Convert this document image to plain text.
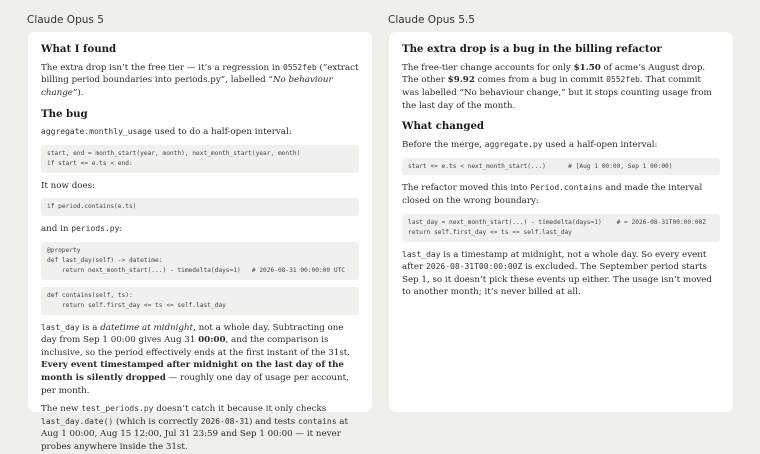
Claude Opus 5	Claude Opus 5.5
What I found

The extra drop isn’t the free tier — it’s a regression in 0552feb (“extract billing period boundaries into periods.py”, labelled “No behaviour change”).

The bug

aggregate.monthly_usage used to do a half-open interval:

start, end = month_start(year, month), next_month_start(year, month)
if start <= e.ts < end:

It now does:

if period.contains(e.ts)

and in periods.py:

@property
def last_day(self) -> datetime:
return next_month_start(...) - timedelta(days=1)   # 2026-08-31 00:00:00 UTC
def contains(self, ts):
return self.first_day <= ts <= self.last_day

last_day is a datetime at midnight, not a whole day. Subtracting one day from Sep 1 00:00 gives Aug 31 00:00, and the comparison is inclusive, so the period effectively ends at the first instant of the 31st. Every event timestamped after midnight on the last day of the month is silently dropped — roughly one day of usage per account, per month.

The new test_periods.py doesn’t catch it because it only checks last_day.date() (which is correctly 2026-08-31) and tests contains at Aug 1 00:00, Aug 15 12:00, Jul 31 23:59 and Sep 1 00:00 — it never probes anywhere inside the 31st.

The extra drop is a bug in the billing refactor

The free-tier change accounts for only $1.50 of acme’s August drop. The other $9.92 comes from a bug in commit 0552feb. That commit was labelled “No behaviour change,” but it stops counting usage from the last day of the month.

What changed

Before the merge, aggregate.py used a half-open interval:

start <= e.ts < next_month_start(...)      # [Aug 1 00:00, Sep 1 00:00)

The refactor moved this into Period.contains and made the interval closed on the wrong boundary:

last_day = next_month_start(...) - timedelta(days=1)    # = 2026-08-31T00:00:00Z
return self.first_day <= ts <= self.last_day

last_day is a timestamp at midnight, not a whole day. So every event after 2026-08-31T00:00:00Z is excluded. The September period starts Sep 1, so it doesn’t pick these events up either. The usage isn’t moved to another month; it’s never billed at all.
